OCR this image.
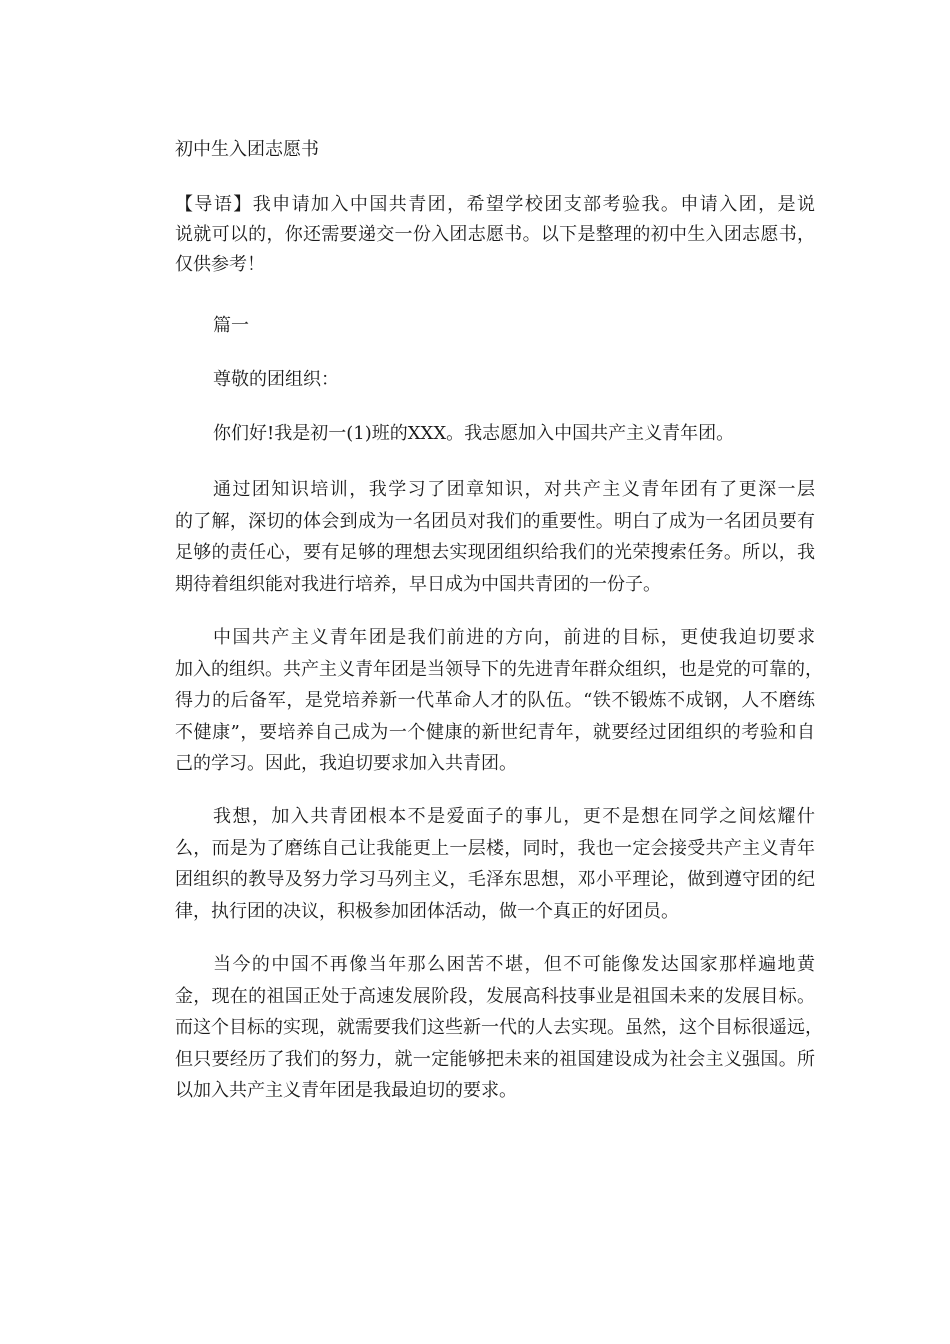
初中生入团志愿书
【导语】我申请加入中国共青团，希望学校团支部考验我。申请入团，是说
说就可以的，你还需要递交一份入团志愿书。以下是整理的初中生入团志愿书，
仅供参考！
篇一
尊敬的团组织：
你们好!我是初一(1)班的XXX。我志愿加入中国共产主义青年团。
通过团知识培训，我学习了团章知识，对共产主义青年团有了更深一层
的了解，深切的体会到成为一名团员对我们的重要性。明白了成为一名团员要有
足够的责任心，要有足够的理想去实现团组织给我们的光荣搜索任务。所以，我
期待着组织能对我进行培养，早日成为中国共青团的一份子。
中国共产主义青年团是我们前进的方向，前进的目标，更使我迫切要求
加入的组织。共产主义青年团是当领导下的先进青年群众组织，也是党的可靠的，
得力的后备军，是党培养新一代革命人才的队伍。“铁不锻炼不成钢，人不磨练
不健康”，要培养自己成为一个健康的新世纪青年，就要经过团组织的考验和自
己的学习。因此，我迫切要求加入共青团。
我想，加入共青团根本不是爱面子的事儿，更不是想在同学之间炫耀什
么，而是为了磨练自己让我能更上一层楼，同时，我也一定会接受共产主义青年
团组织的教导及努力学习马列主义，毛泽东思想，邓小平理论，做到遵守团的纪
律，执行团的决议，积极参加团体活动，做一个真正的好团员。
当今的中国不再像当年那么困苦不堪，但不可能像发达国家那样遍地黄
金，现在的祖国正处于高速发展阶段，发展高科技事业是祖国未来的发展目标。
而这个目标的实现，就需要我们这些新一代的人去实现。虽然，这个目标很遥远，
但只要经历了我们的努力，就一定能够把未来的祖国建设成为社会主义强国。所
以加入共产主义青年团是我最迫切的要求。
